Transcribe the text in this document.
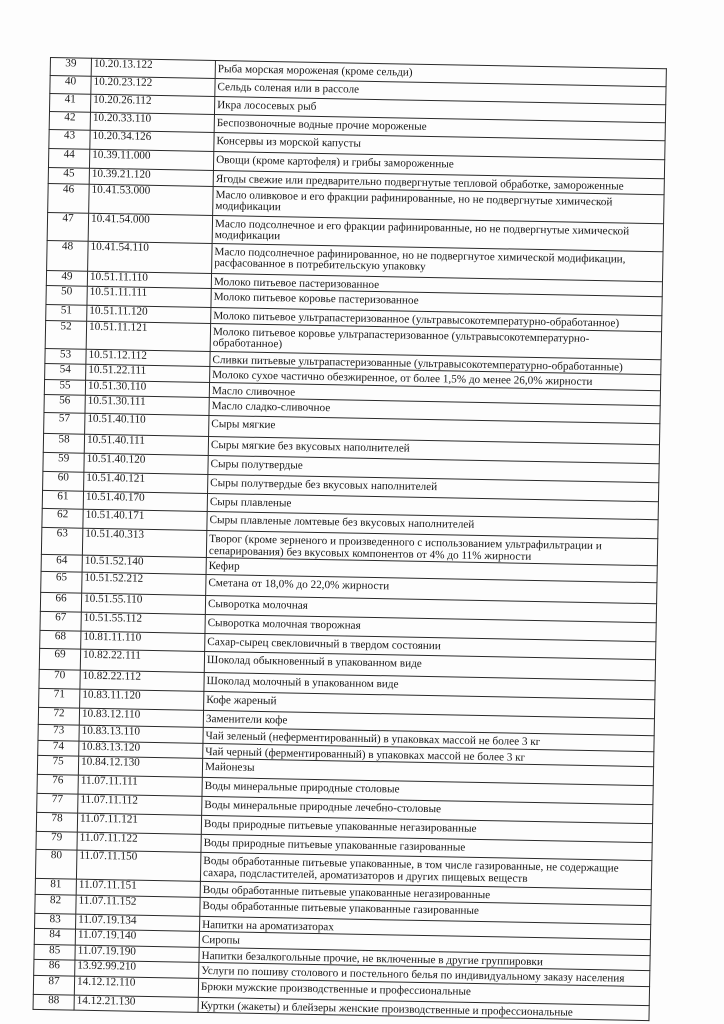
39	10.20.13.122	Рыба морская мороженая (кроме сельди)

40	10.20.23.122	Сельдь соленая или в рассоле

41	10.20.26.112	Икра лососевых рыб

42	10.20.33.110	Беспозвоночные водные прочие мороженые

43	10.20.34.126	Консервы из морской капусты

44	10.39.11.000	Овощи (кроме картофеля) и грибы замороженные

45	10.39.21.120	Ягоды свежие или предварительно подвергнутые тепловой обработке, замороженные

46	10.41.53.000	Масло оливковое и его фракции рафинированные, но не подвергнутые химической модификации

47	10.41.54.000	Масло подсолнечное и его фракции рафинированные, но не подвергнутые химической модификации

48	10.41.54.110	Масло подсолнечное рафинированное, но не подвергнутое химической модификации, расфасованное в потребительскую упаковку

49	10.51.11.110	Молоко питьевое пастеризованное

50	10.51.11.111	Молоко питьевое коровье пастеризованное

51	10.51.11.120	Молоко питьевое ультрапастеризованное (ультравысокотемпературно-обработанное)

52	10.51.11.121	Молоко питьевое коровье ультрапастеризованное (ультравысокотемпературно-обработанное)

53	10.51.12.112	Сливки питьевые ультрапастеризованные (ультравысокотемпературно-обработанные)

54	10.51.22.111	Молоко сухое частично обезжиренное, от более 1,5% до менее 26,0% жирности

55	10.51.30.110	Масло сливочное

56	10.51.30.111	Масло сладко-сливочное

57	10.51.40.110	Сыры мягкие

58	10.51.40.111	Сыры мягкие без вкусовых наполнителей

59	10.51.40.120	Сыры полутвердые

60	10.51.40.121	Сыры полутвердые без вкусовых наполнителей

61	10.51.40.170	Сыры плавленые

62	10.51.40.171	Сыры плавленые ломтевые без вкусовых наполнителей

63	10.51.40.313	Творог (кроме зерненого и произведенного с использованием ультрафильтрации и сепарирования) без вкусовых компонентов от 4% до 11% жирности

64	10.51.52.140	Кефир

65	10.51.52.212	Сметана от 18,0% до 22,0% жирности

66	10.51.55.110	Сыворотка молочная

67	10.51.55.112	Сыворотка молочная творожная

68	10.81.11.110	Сахар-сырец свекловичный в твердом состоянии

69	10.82.22.111	Шоколад обыкновенный в упакованном виде

70	10.82.22.112	Шоколад молочный в упакованном виде

71	10.83.11.120	Кофе жареный

72	10.83.12.110	Заменители кофе

73	10.83.13.110	Чай зеленый (неферментированный) в упаковках массой не более 3 кг

74	10.83.13.120	Чай черный (ферментированный) в упаковках массой не более 3 кг

75	10.84.12.130	Майонезы

76	11.07.11.111	Воды минеральные природные столовые

77	11.07.11.112	Воды минеральные природные лечебно-столовые

78	11.07.11.121	Воды природные питьевые упакованные негазированные

79	11.07.11.122	Воды природные питьевые упакованные газированные

80	11.07.11.150	Воды обработанные питьевые упакованные, в том числе газированные, не содержащие сахара, подсластителей, ароматизаторов и других пищевых веществ

81	11.07.11.151	Воды обработанные питьевые упакованные негазированные

82	11.07.11.152	Воды обработанные питьевые упакованные газированные

83	11.07.19.134	Напитки на ароматизаторах

84	11.07.19.140	Сиропы

85	11.07.19.190	Напитки безалкогольные прочие, не включенные в другие группировки

86	13.92.99.210	Услуги по пошиву столового и постельного белья по индивидуальному заказу населения

87	14.12.12.110	Брюки мужские производственные и профессиональные

88	14.12.21.130	Куртки (жакеты) и блейзеры женские производственные и профессиональные
